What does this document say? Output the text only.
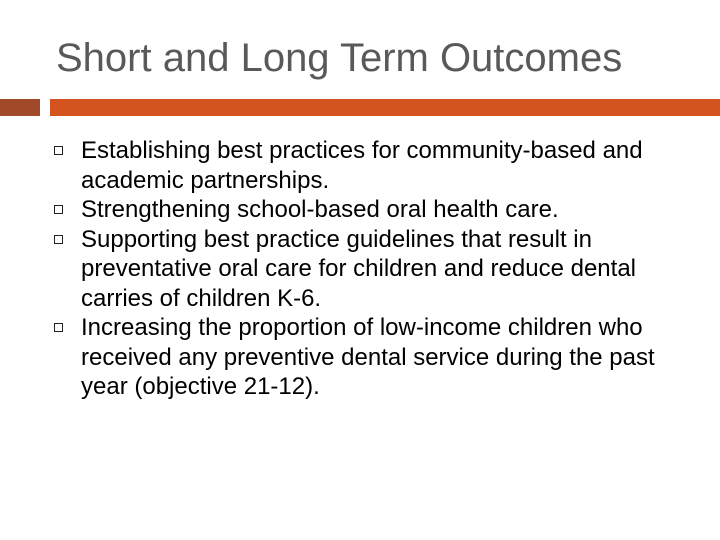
Short and Long Term Outcomes
Establishing best practices for community-based and academic partnerships.
Strengthening school-based oral health care.
Supporting best practice guidelines that result in preventative oral care for children and reduce dental carries of children K-6.
Increasing the proportion of low-income children who received any preventive dental service during the past year (objective 21-12).
